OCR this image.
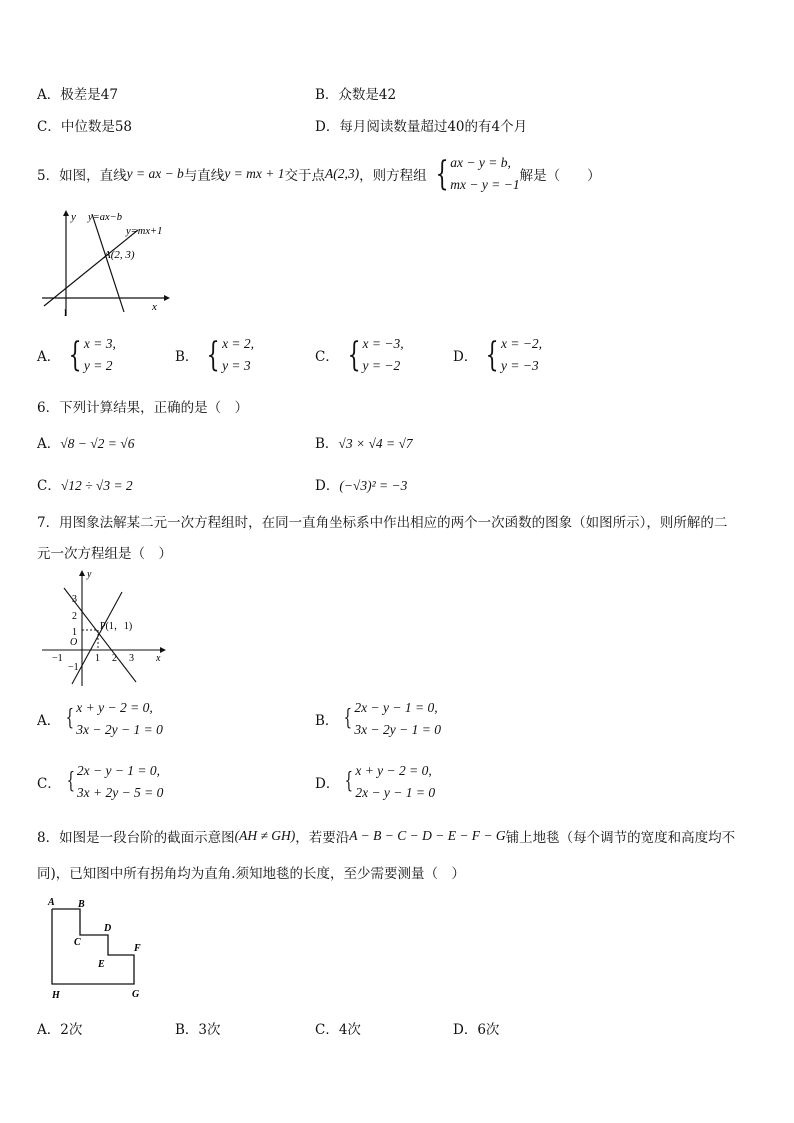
A．极差是47	B．众数是42
C．中位数是58	D．每月阅读数量超过40的有4个月
5．如图，直线 y = ax − b 与直线 y = mx + 1 交于点 A(2,3) ，则方程组 { ax − y = b,
mx − y = −1
解是（　　）
y
x
y=ax−b
y=mx+1
A(2, 3)
l
A． { x = 3,
y = 2
B． { x = 2,
y = 3
C． { x = −3,
y = −2
D． { x = −2,
y = −3
6．下列计算结果，正确的是（　）
A．√8 − √2 = √6	B．√3 × √4 = √7
C．√12 ÷ √3 = 2	D．(−√3)² = −3
7．用图象法解某二元一次方程组时，在同一直角坐标系中作出相应的两个一次函数的图象（如图所示），则所解的二
元一次方程组是（　）
y
x
O
P(1，1)
3
2
1
−1
−1	1 2 3
A． { x + y − 2 = 0,
3x − 2y − 1 = 0
B． { 2x − y − 1 = 0,
3x − 2y − 1 = 0
C． { 2x − y − 1 = 0,
3x + 2y − 5 = 0
D． { x + y − 2 = 0,
2x − y − 1 = 0
8．如图是一段台阶的截面示意图 (AH ≠ GH) ，若要沿 A − B − C − D − E − F − G 铺上地毯（每个调节的宽度和高度均不
同)，已知图中所有拐角均为直角.须知地毯的长度，至少需要测量（　）
A B
C
D
E
F
G
H
A．2次	B．3次	C．4次	D．6次
